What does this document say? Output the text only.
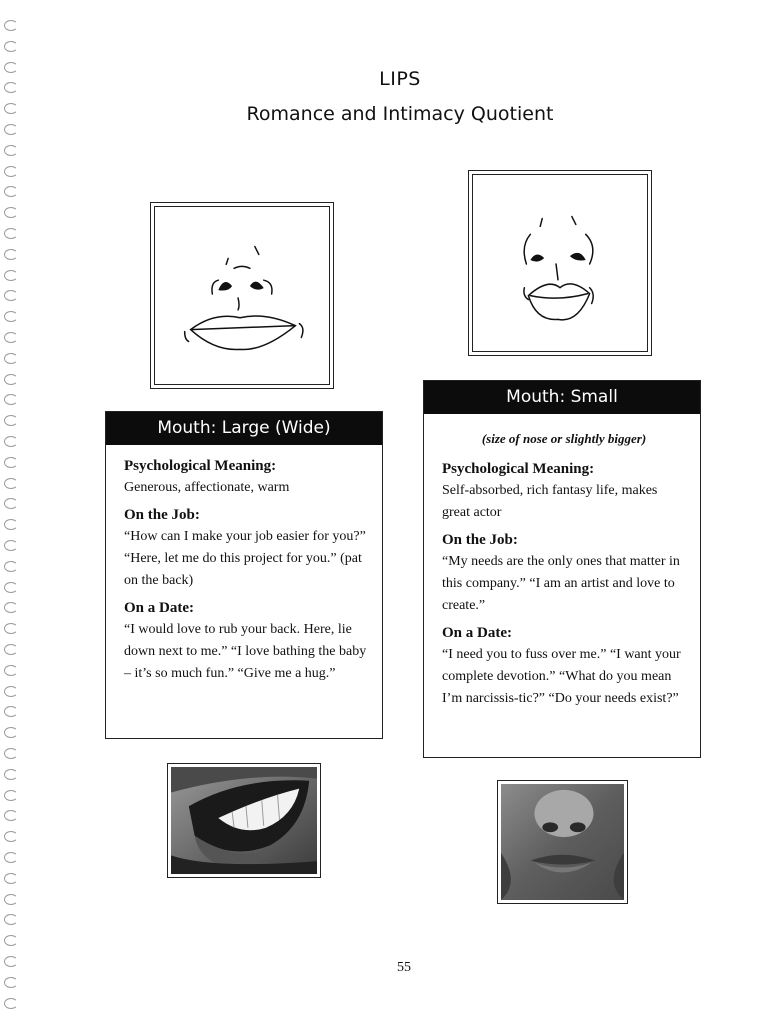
LIPS
Romance and Intimacy Quotient
Mouth: Large (Wide)
Psychological Meaning:
Generous, affectionate, warm
On the Job:
“How can I make your job easier for you?” “Here, let me do this project for you.” (pat on the back)
On a Date:
“I would love to rub your back. Here, lie down next to me.” “I love bathing the baby – it’s so much fun.” “Give me a hug.”
Mouth: Small
(size of nose or slightly bigger)
Psychological Meaning:
Self-absorbed, rich fantasy life, makes great actor
On the Job:
“My needs are the only ones that matter in this company.” “I am an artist and love to create.”
On a Date:
“I need you to fuss over me.” “I want your complete devotion.” “What do you mean I’m narcissis-tic?” “Do your needs exist?”
55
